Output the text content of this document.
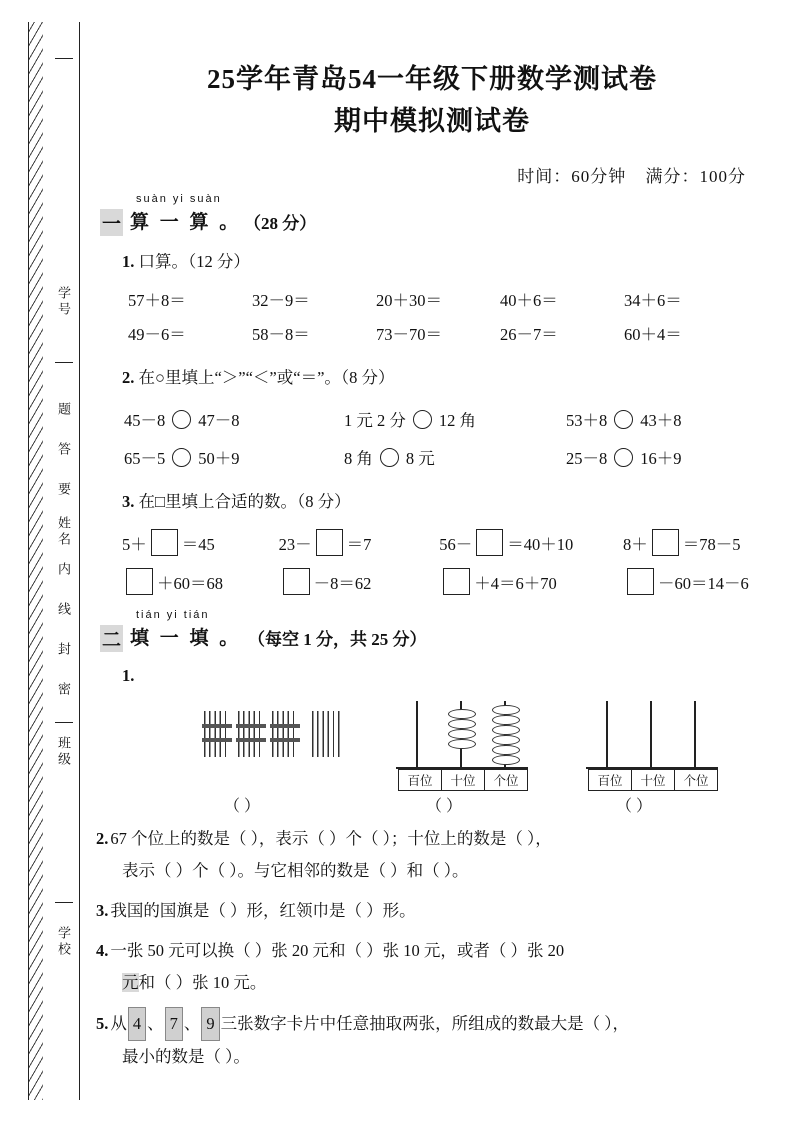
学号
题
答
要
姓名
内
线
封
密
班级
学校
25学年青岛54一年级下册数学测试卷
期中模拟测试卷
时间：60分钟 满分：100分
suàn yi suàn
一 算 一 算 。 （28 分）
1. 口算。（12 分）
57＋8＝	32－9＝	20＋30＝	40＋6＝	34＋6＝
49－6＝	58－8＝	73－70＝	26－7＝	60＋4＝
2. 在○里填上“＞”“＜”或“＝”。（8 分）
45－8 47－8	1 元 2 分 12 角	53＋8 43＋8
65－5 50＋9	8 角 8 元	25－8 16＋9
3. 在□里填上合适的数。（8 分）
5＋ ＝45	23－ ＝7	56－ ＝40＋10	8＋ ＝78－5
＋60＝68	－8＝62	＋4＝6＋70	－60＝14－6
tián yi tián
二 填 一 填 。 （每空 1 分，共 25 分）
1.

百位	十位	个位	百位	十位	个位
（ ）	（ ）	（ ）
2. 67 个位上的数是（ ），表示（ ）个（ ）；十位上的数是（ ），
表示（ ）个（ ）。与它相邻的数是（ ）和（ ）。
3. 我国的国旗是（ ）形，红领巾是（ ）形。
4. 一张 50 元可以换（ ）张 20 元和（ ）张 10 元，或者（ ）张 20
元和（ ）张 10 元。
5. 从 4 、 7 、 9 三张数字卡片中任意抽取两张，所组成的数最大是（ ），
最小的数是（ ）。
